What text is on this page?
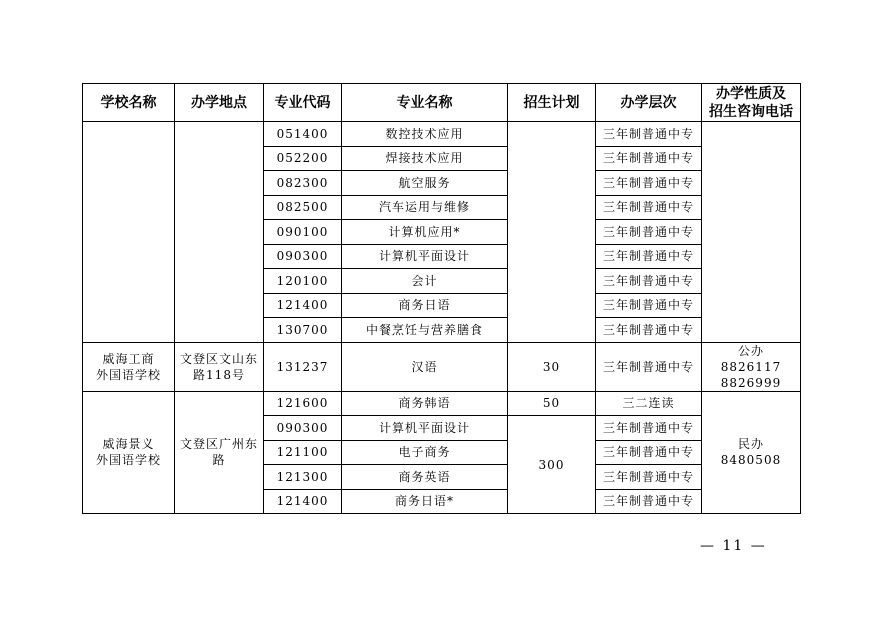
学校名称	办学地点	专业代码	专业名称	招生计划	办学层次	办学性质及
招生咨询电话
		051400	数控技术应用		三年制普通中专	
		052200	焊接技术应用		三年制普通中专	
		082300	航空服务		三年制普通中专	
		082500	汽车运用与维修		三年制普通中专	
		090100	计算机应用*		三年制普通中专	
		090300	计算机平面设计		三年制普通中专	
		120100	会计		三年制普通中专	
		121400	商务日语		三年制普通中专	
		130700	中餐烹饪与营养膳食		三年制普通中专	
威海工商
外国语学校	文登区文山东
路118号	131237	汉语	30	三年制普通中专	公办
8826117
8826999
威海景义
外国语学校	文登区广州东
路	121600	商务韩语	50	三二连读	民办
8480508
		090300	计算机平面设计	300	三年制普通中专	
		121100	电子商务		三年制普通中专	
		121300	商务英语		三年制普通中专	
		121400	商务日语*		三年制普通中专	
— 11 —
